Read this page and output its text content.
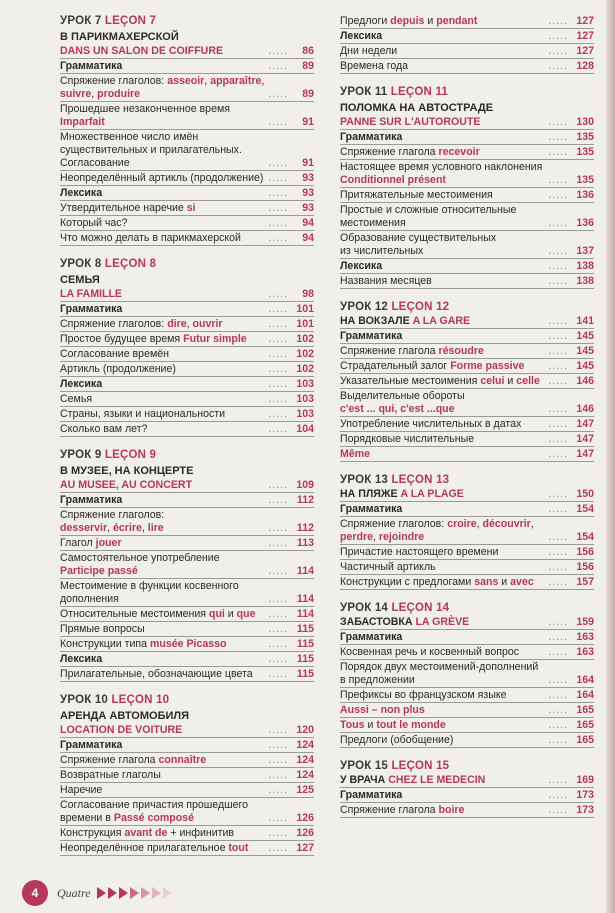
УРОК 7 LEÇON 7
В ПАРИКМАХЕРСКОЙ
DANS UN SALON DE COIFFURE	.....	86
Грамматика	.....	89
Спряжение глаголов: asseoir, apparaître,
suivre, produire	.....	89
Прошедшее незаконченное время
Imparfait	.....	91
Множественное число имён
существительных и прилагательных.
Согласование	.....	91
Неопределённый артикль (продолжение) .....	93
Лексика	.....	93
Утвердительное наречие si	.....	93
Который час?	.....	94
Что можно делать в парикмахерской	.....	94
УРОК 8 LEÇON 8
СЕМЬЯ
LA FAMILLE	.....	98
Грамматика	..... 101
Спряжение глаголов: dire, ouvrir	..... 101
Простое будущее время Futur simple	..... 102
Согласование времён	..... 102
Артикль (продолжение)	..... 102
Лексика	..... 103
Семья	..... 103
Страны, языки и национальности	..... 103
Сколько вам лет?	..... 104
УРОК 9 LEÇON 9
В МУЗЕЕ, НА КОНЦЕРТЕ
AU MUSEE, AU CONCERT	..... 109
Грамматика	..... 112
Спряжение глаголов:
desservir, écrire, lire	..... 112
Глагол jouer	..... 113
Самостоятельное употребление
Participe passé	..... 114
Местоимение в функции косвенного
дополнения	..... 114
Относительные местоимения qui и que	..... 114
Прямые вопросы	..... 115
Конструкции типа musée Picasso	..... 115
Лексика	..... 115
Прилагательные, обозначающие цвета	..... 115
УРОК 10 LEÇON 10
АРЕНДА АВТОМОБИЛЯ
LOCATION DE VOITURE	..... 120
Грамматика	..... 124
Спряжение глагола connaître	..... 124
Возвратные глаголы	..... 124
Наречие	..... 125
Согласование причастия прошедшего
времени в Passé composé	..... 126
Конструкция avant de + инфинитив	..... 126
Неопределённое прилагательное tout	..... 127
Предлоги depuis и pendant	..... 127
Лексика	..... 127
Дни недели	..... 127
Времена года	..... 128
УРОК 11 LEÇON 11
ПОЛОМКА НА АВТОСТРАДЕ
PANNE SUR L'AUTOROUTE	..... 130
Грамматика	..... 135
Спряжение глагола recevoir	..... 135
Настоящее время условного наклонения
Conditionnel présent	..... 135
Притяжательные местоимения	..... 136
Простые и сложные относительные
местоимения	..... 136
Образование существительных
из числительных	..... 137
Лексика	..... 138
Названия месяцев	..... 138
УРОК 12 LEÇON 12
НА ВОКЗАЛЕ A LA GARE	..... 141
Грамматика	..... 145
Спряжение глагола résoudre	..... 145
Страдательный залог Forme passive	..... 145
Указательные местоимения celui и celle ..... 146
Выделительные обороты
c'est ... qui, c'est ...que	..... 146
Употребление числительных в датах	..... 147
Порядковые числительные	..... 147
Même	..... 147
УРОК 13 LEÇON 13
НА ПЛЯЖЕ A LA PLAGE	..... 150
Грамматика	..... 154
Спряжение глаголов: croire, découvrir,
perdre, rejoindre	..... 154
Причастие настоящего времени	..... 156
Частичный артикль	..... 156
Конструкции с предлогами sans и avec	..... 157
УРОК 14 LEÇON 14
ЗАБАСТОВКА LA GRÈVE	..... 159
Грамматика	..... 163
Косвенная речь и косвенный вопрос	..... 163
Порядок двух местоимений-дополнений
в предложении	..... 164
Префиксы во французском языке	..... 164
Aussi – non plus	..... 165
Tous и tout le monde	..... 165
Предлоги (обобщение)	..... 165
УРОК 15 LEÇON 15
У ВРАЧА CHEZ LE MEDECIN	..... 169
Грамматика	..... 173
Спряжение глагола boire	..... 173
4	Quatre
